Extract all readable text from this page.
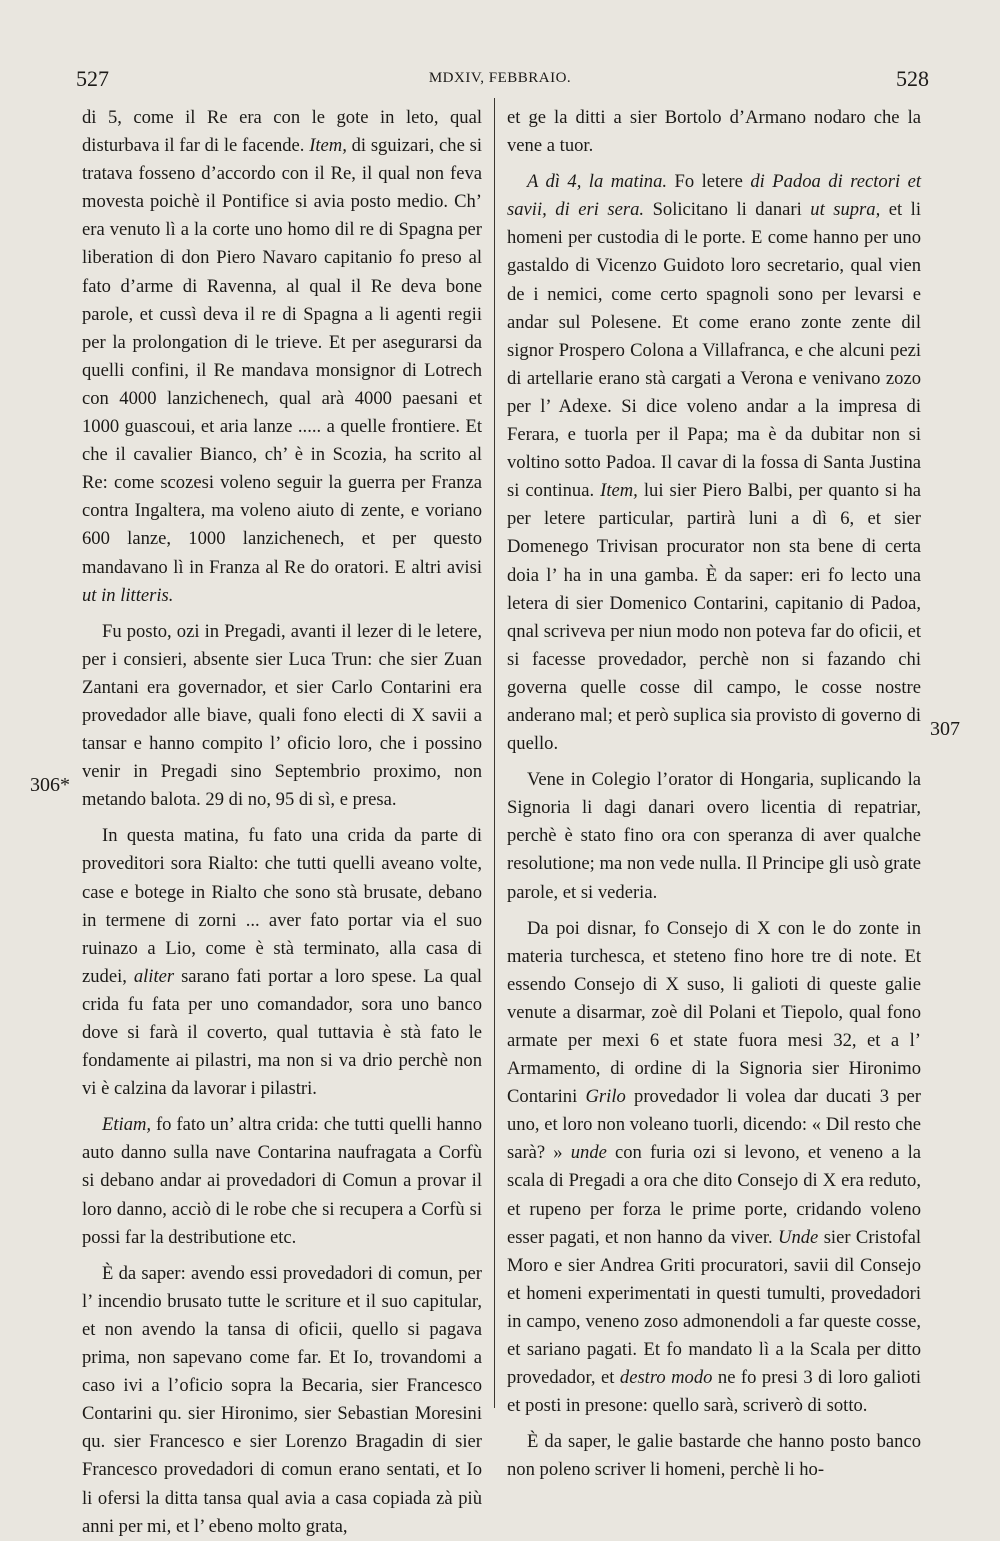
527	MDXIV, FEBBRAIO.	528
306*
307

di 5, come il Re era con le gote in leto, qual disturbava il far di le facende. Item, di sguizari, che si tratava fosseno d’accordo con il Re, il qual non feva movesta poichè il Pontifice si avia posto medio. Ch’ era venuto lì a la corte uno homo dil re di Spagna per liberation di don Piero Navaro capitanio fo preso al fato d’arme di Ravenna, al qual il Re deva bone parole, et cussì deva il re di Spagna a li agenti regii per la prolongation di le trieve. Et per asegurarsi da quelli confini, il Re mandava monsignor di Lotrech con 4000 lanzichenech, qual arà 4000 paesani et 1000 guascoui, et aria lanze ..... a quelle frontiere. Et che il cavalier Bianco, ch’ è in Scozia, ha scrito al Re: come scozesi voleno seguir la guerra per Franza contra Ingaltera, ma voleno aiuto di zente, e voriano 600 lanze, 1000 lanzichenech, et per questo mandavano lì in Franza al Re do oratori. E altri avisi ut in litteris.

Fu posto, ozi in Pregadi, avanti il lezer di le letere, per i consieri, absente sier Luca Trun: che sier Zuan Zantani era governador, et sier Carlo Contarini era provedador alle biave, quali fono electi di X savii a tansar e hanno compito l’ oficio loro, che i possino venir in Pregadi sino Septembrio proximo, non metando balota. 29 di no, 95 di sì, e presa.

In questa matina, fu fato una crida da parte di proveditori sora Rialto: che tutti quelli aveano volte, case e botege in Rialto che sono stà brusate, debano in termene di zorni ... aver fato portar via el suo ruinazo a Lio, come è stà terminato, alla casa di zudei, aliter sarano fati portar a loro spese. La qual crida fu fata per uno comandador, sora uno banco dove si farà il coverto, qual tuttavia è stà fato le fondamente ai pilastri, ma non si va drio perchè non vi è calzina da lavorar i pilastri.

Etiam, fo fato un’ altra crida: che tutti quelli hanno auto danno sulla nave Contarina naufragata a Corfù si debano andar ai provedadori di Comun a provar il loro danno, acciò di le robe che si recupera a Corfù si possi far la destributione etc.

È da saper: avendo essi provedadori di comun, per l’ incendio brusato tutte le scriture et il suo capitular, et non avendo la tansa di oficii, quello si pagava prima, non sapevano come far. Et Io, trovandomi a caso ivi a l’oficio sopra la Becaria, sier Francesco Contarini qu. sier Hironimo, sier Sebastian Moresini qu. sier Francesco e sier Lorenzo Bragadin di sier Francesco provedadori di comun erano sentati, et Io li ofersi la ditta tansa qual avia a casa copiada zà più anni per mi, et l’ ebeno molto grata,

et ge la ditti a sier Bortolo d’Armano nodaro che la vene a tuor.

A dì 4, la matina. Fo letere di Padoa di rectori et savii, di eri sera. Solicitano li danari ut supra, et li homeni per custodia di le porte. E come hanno per uno gastaldo di Vicenzo Guidoto loro secretario, qual vien de i nemici, come certo spagnoli sono per levarsi e andar sul Polesene. Et come erano zonte zente dil signor Prospero Colona a Villafranca, e che alcuni pezi di artellarie erano stà cargati a Verona e venivano zozo per l’ Adexe. Si dice voleno andar a la impresa di Ferara, e tuorla per il Papa; ma è da dubitar non si voltino sotto Padoa. Il cavar di la fossa di Santa Justina si continua. Item, lui sier Piero Balbi, per quanto si ha per letere particular, partirà luni a dì 6, et sier Domenego Trivisan procurator non sta bene di certa doia l’ ha in una gamba. È da saper: eri fo lecto una letera di sier Domenico Contarini, capitanio di Padoa, qnal scriveva per niun modo non poteva far do oficii, et si facesse provedador, perchè non si fazando chi governa quelle cosse dil campo, le cosse nostre anderano mal; et però suplica sia provisto di governo di quello.

Vene in Colegio l’orator di Hongaria, suplicando la Signoria li dagi danari overo licentia di repatriar, perchè è stato fino ora con speranza di aver qualche resolutione; ma non vede nulla. Il Principe gli usò grate parole, et si vederia.

Da poi disnar, fo Consejo di X con le do zonte in materia turchesca, et steteno fino hore tre di note. Et essendo Consejo di X suso, li galioti di queste galie venute a disarmar, zoè dil Polani et Tiepolo, qual fono armate per mexi 6 et state fuora mesi 32, et a l’ Armamento, di ordine di la Signoria sier Hironimo Contarini Grilo provedador li volea dar ducati 3 per uno, et loro non voleano tuorli, dicendo: « Dil resto che sarà? » unde con furia ozi si levono, et veneno a la scala di Pregadi a ora che dito Consejo di X era reduto, et rupeno per forza le prime porte, cridando voleno esser pagati, et non hanno da viver. Unde sier Cristofal Moro e sier Andrea Griti procuratori, savii dil Consejo et homeni experimentati in questi tumulti, provedadori in campo, veneno zoso admonendoli a far queste cosse, et sariano pagati. Et fo mandato lì a la Scala per ditto provedador, et destro modo ne fo presi 3 di loro galioti et posti in presone: quello sarà, scriverò di sotto.

È da saper, le galie bastarde che hanno posto banco non poleno scriver li homeni, perchè li ho-
